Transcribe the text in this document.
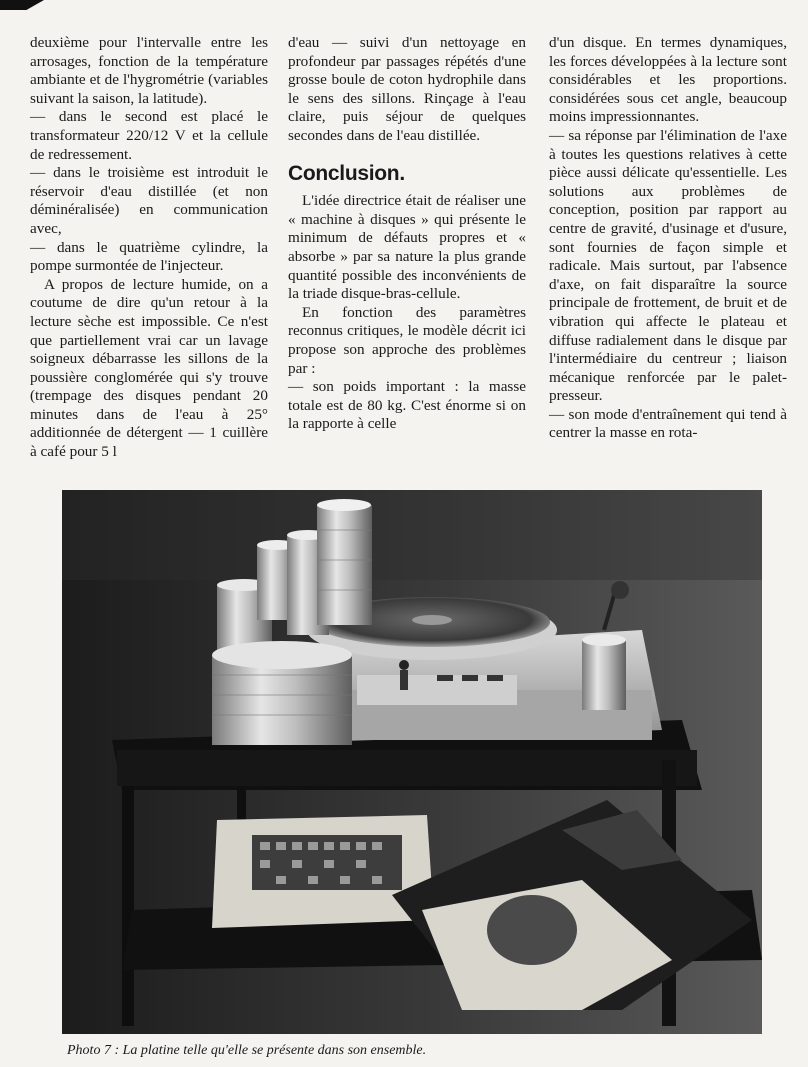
deuxième pour l'intervalle entre les arrosages, fonction de la température ambiante et de l'hygrométrie (variables suivant la saison, la latitude).

— dans le second est placé le transformateur 220/12 V et la cellule de redressement.

— dans le troisième est introduit le réservoir d'eau distillée (et non déminéralisée) en communication avec,

— dans le quatrième cylindre, la pompe surmontée de l'injecteur.

A propos de lecture humide, on a coutume de dire qu'un retour à la lecture sèche est impossible. Ce n'est que partiellement vrai car un lavage soigneux débarrasse les sillons de la poussière conglomérée qui s'y trouve (trempage des disques pendant 20 minutes dans de l'eau à 25° additionnée de détergent — 1 cuillère à café pour 5 l

d'eau — suivi d'un nettoyage en profondeur par passages répétés d'une grosse boule de coton hydrophile dans le sens des sillons. Rinçage à l'eau claire, puis séjour de quelques secondes dans de l'eau distillée.

Conclusion.

L'idée directrice était de réaliser une « machine à disques » qui présente le minimum de défauts propres et « absorbe » par sa nature la plus grande quantité possible des inconvénients de la triade disque-bras-cellule.

En fonction des paramètres reconnus critiques, le modèle décrit ici propose son approche des problèmes par :

— son poids important : la masse totale est de 80 kg. C'est énorme si on la rapporte à celle

d'un disque. En termes dynamiques, les forces développées à la lecture sont considérables et les proportions. considérées sous cet angle, beaucoup moins impressionnantes.

— sa réponse par l'élimination de l'axe à toutes les questions relatives à cette pièce aussi délicate qu'essentielle. Les solutions aux problèmes de conception, position par rapport au centre de gravité, d'usinage et d'usure, sont fournies de façon simple et radicale. Mais surtout, par l'absence d'axe, on fait disparaître la source principale de frottement, de bruit et de vibration qui affecte le plateau et diffuse radialement dans le disque par l'intermédiaire du centreur ; liaison mécanique renforcée par le palet-presseur.

— son mode d'entraînement qui tend à centrer la masse en rota-

Photo 7 : La platine telle qu'elle se présente dans son ensemble.
